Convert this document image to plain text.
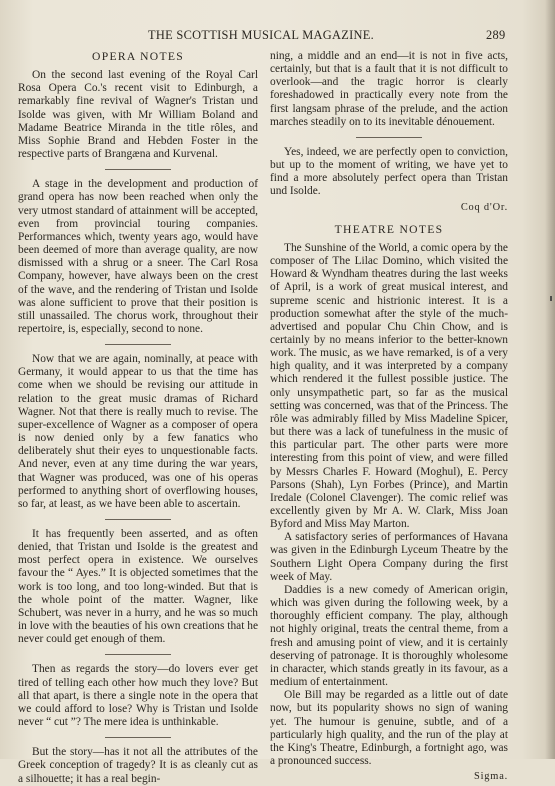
THE SCOTTISH MUSICAL MAGAZINE.	289
OPERA NOTES

On the second last evening of the Royal Carl Rosa Opera Co.'s recent visit to Edinburgh, a remarkably fine revival of Wagner's Tristan und Isolde was given, with Mr William Boland and Madame Beatrice Miranda in the title rôles, and Miss Sophie Brand and Hebden Foster in the respective parts of Brangæna and Kurvenal.

A stage in the development and production of grand opera has now been reached when only the very utmost standard of attainment will be accepted, even from provincial touring companies. Performances which, twenty years ago, would have been deemed of more than average quality, are now dismissed with a shrug or a sneer. The Carl Rosa Company, however, have always been on the crest of the wave, and the rendering of Tristan und Isolde was alone sufficient to prove that their position is still unassailed. The chorus work, throughout their repertoire, is, especially, second to none.

Now that we are again, nominally, at peace with Germany, it would appear to us that the time has come when we should be revising our attitude in relation to the great music dramas of Richard Wagner. Not that there is really much to revise. The super-excellence of Wagner as a composer of opera is now denied only by a few fanatics who deliberately shut their eyes to unquestionable facts. And never, even at any time during the war years, that Wagner was produced, was one of his operas performed to anything short of overflowing houses, so far, at least, as we have been able to ascertain.

It has frequently been asserted, and as often denied, that Tristan und Isolde is the greatest and most perfect opera in existence. We ourselves favour the “ Ayes.” It is objected sometimes that the work is too long, and too long-winded. But that is the whole point of the matter. Wagner, like Schubert, was never in a hurry, and he was so much in love with the beauties of his own creations that he never could get enough of them.

Then as regards the story—do lovers ever get tired of telling each other how much they love? But all that apart, is there a single note in the opera that we could afford to lose? Why is Tristan und Isolde never “ cut ”? The mere idea is unthinkable.

But the story—has it not all the attributes of the Greek conception of tragedy? It is as cleanly cut as a silhouette; it has a real begin-

ning, a middle and an end—it is not in five acts, certainly, but that is a fault that it is not difficult to overlook—and the tragic horror is clearly foreshadowed in practically every note from the first langsam phrase of the prelude, and the action marches steadily on to its inevitable dénouement.

Yes, indeed, we are perfectly open to conviction, but up to the moment of writing, we have yet to find a more absolutely perfect opera than Tristan und Isolde.

Coq d'Or.
THEATRE NOTES

The Sunshine of the World, a comic opera by the composer of The Lilac Domino, which visited the Howard & Wyndham theatres during the last weeks of April, is a work of great musical interest, and supreme scenic and histrionic interest. It is a production somewhat after the style of the much-advertised and popular Chu Chin Chow, and is certainly by no means inferior to the better-known work. The music, as we have remarked, is of a very high quality, and it was interpreted by a company which rendered it the fullest possible justice. The only unsympathetic part, so far as the musical setting was concerned, was that of the Princess. The rôle was admirably filled by Miss Madeline Spicer, but there was a lack of tunefulness in the music of this particular part. The other parts were more interesting from this point of view, and were filled by Messrs Charles F. Howard (Moghul), E. Percy Parsons (Shah), Lyn Forbes (Prince), and Martin Iredale (Colonel Clavenger). The comic relief was excellently given by Mr A. W. Clark, Miss Joan Byford and Miss May Marton.

A satisfactory series of performances of Havana was given in the Edinburgh Lyceum Theatre by the Southern Light Opera Company during the first week of May.

Daddies is a new comedy of American origin, which was given during the following week, by a thoroughly efficient company. The play, although not highly original, treats the central theme, from a fresh and amusing point of view, and it is certainly deserving of patronage. It is thoroughly wholesome in character, which stands greatly in its favour, as a medium of entertainment.

Ole Bill may be regarded as a little out of date now, but its popularity shows no sign of waning yet. The humour is genuine, subtle, and of a particularly high quality, and the run of the play at the King's Theatre, Edinburgh, a fortnight ago, was a pronounced success.

Sigma.
